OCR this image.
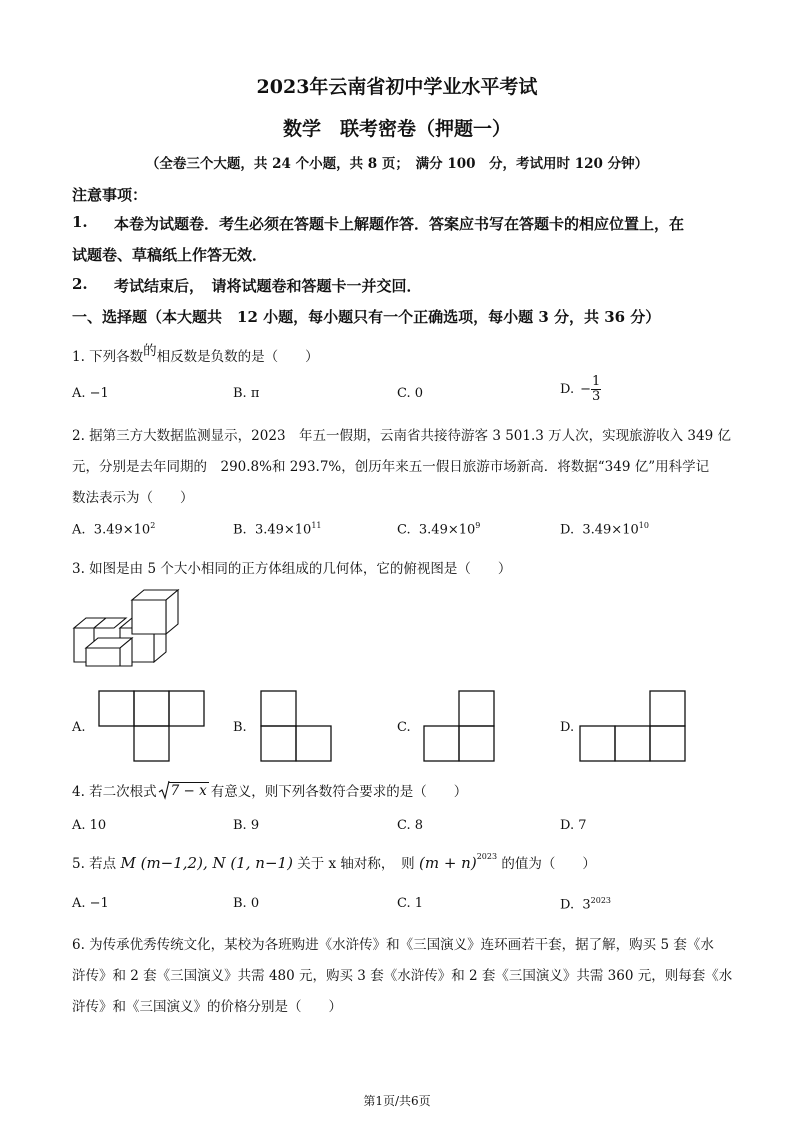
2023年云南省初中学业水平考试
数学　联考密卷（押题一）
（全卷三个大题，共 24 个小题，共 8 页；　满分 100　分，考试用时 120 分钟）
注意事项：
1. 本卷为试题卷．考生必须在答题卡上解题作答．答案应书写在答题卡的相应位置上，在
试题卷、草稿纸上作答无效．
2. 考试结束后，　请将试题卷和答题卡一并交回．
一、选择题（本大题共　12 小题，每小题只有一个正确选项，每小题 3 分，共 36 分）
1. 下列各数的相反数是负数的是（　　）
A. −1	B. π	C. 0	D. − $\frac{1}{3}$
2. 据第三方大数据监测显示，2023　年五一假期，云南省共接待游客 3 501.3 万人次，实现旅游收入 349 亿
元，分别是去年同期的　290.8%和 293.7%，创历年来五一假日旅游市场新高．将数据“349 亿”用科学记
数法表示为（　　）
A. $3.49\times 10^2$	B. $3.49\times 10^{11}$	C. $3.49\times 10^9$	D. $3.49\times 10^{10}$
3. 如图是由 5 个大小相同的正方体组成的几何体，它的俯视图是（　　）
A.	B.	C.	D.
4. 若二次根式 7 − x 有意义，则下列各数符合要求的是（　　）
A. 10	B. 9	C. 8	D. 7
5. 若点 M (m−1,2), N (1, n−1) 关于 x 轴对称，　则 $(m + n)^{2023}$ 的值为（　　）
A. −1	B. 0	C. 1	D. $3^{2023}$
6. 为传承优秀传统文化，某校为各班购进《水浒传》和《三国演义》连环画若干套，据了解，购买 5 套《水
浒传》和 2 套《三国演义》共需 480 元，购买 3 套《水浒传》和 2 套《三国演义》共需 360 元，则每套《水
浒传》和《三国演义》的价格分别是（　　）
第1页/共6页
